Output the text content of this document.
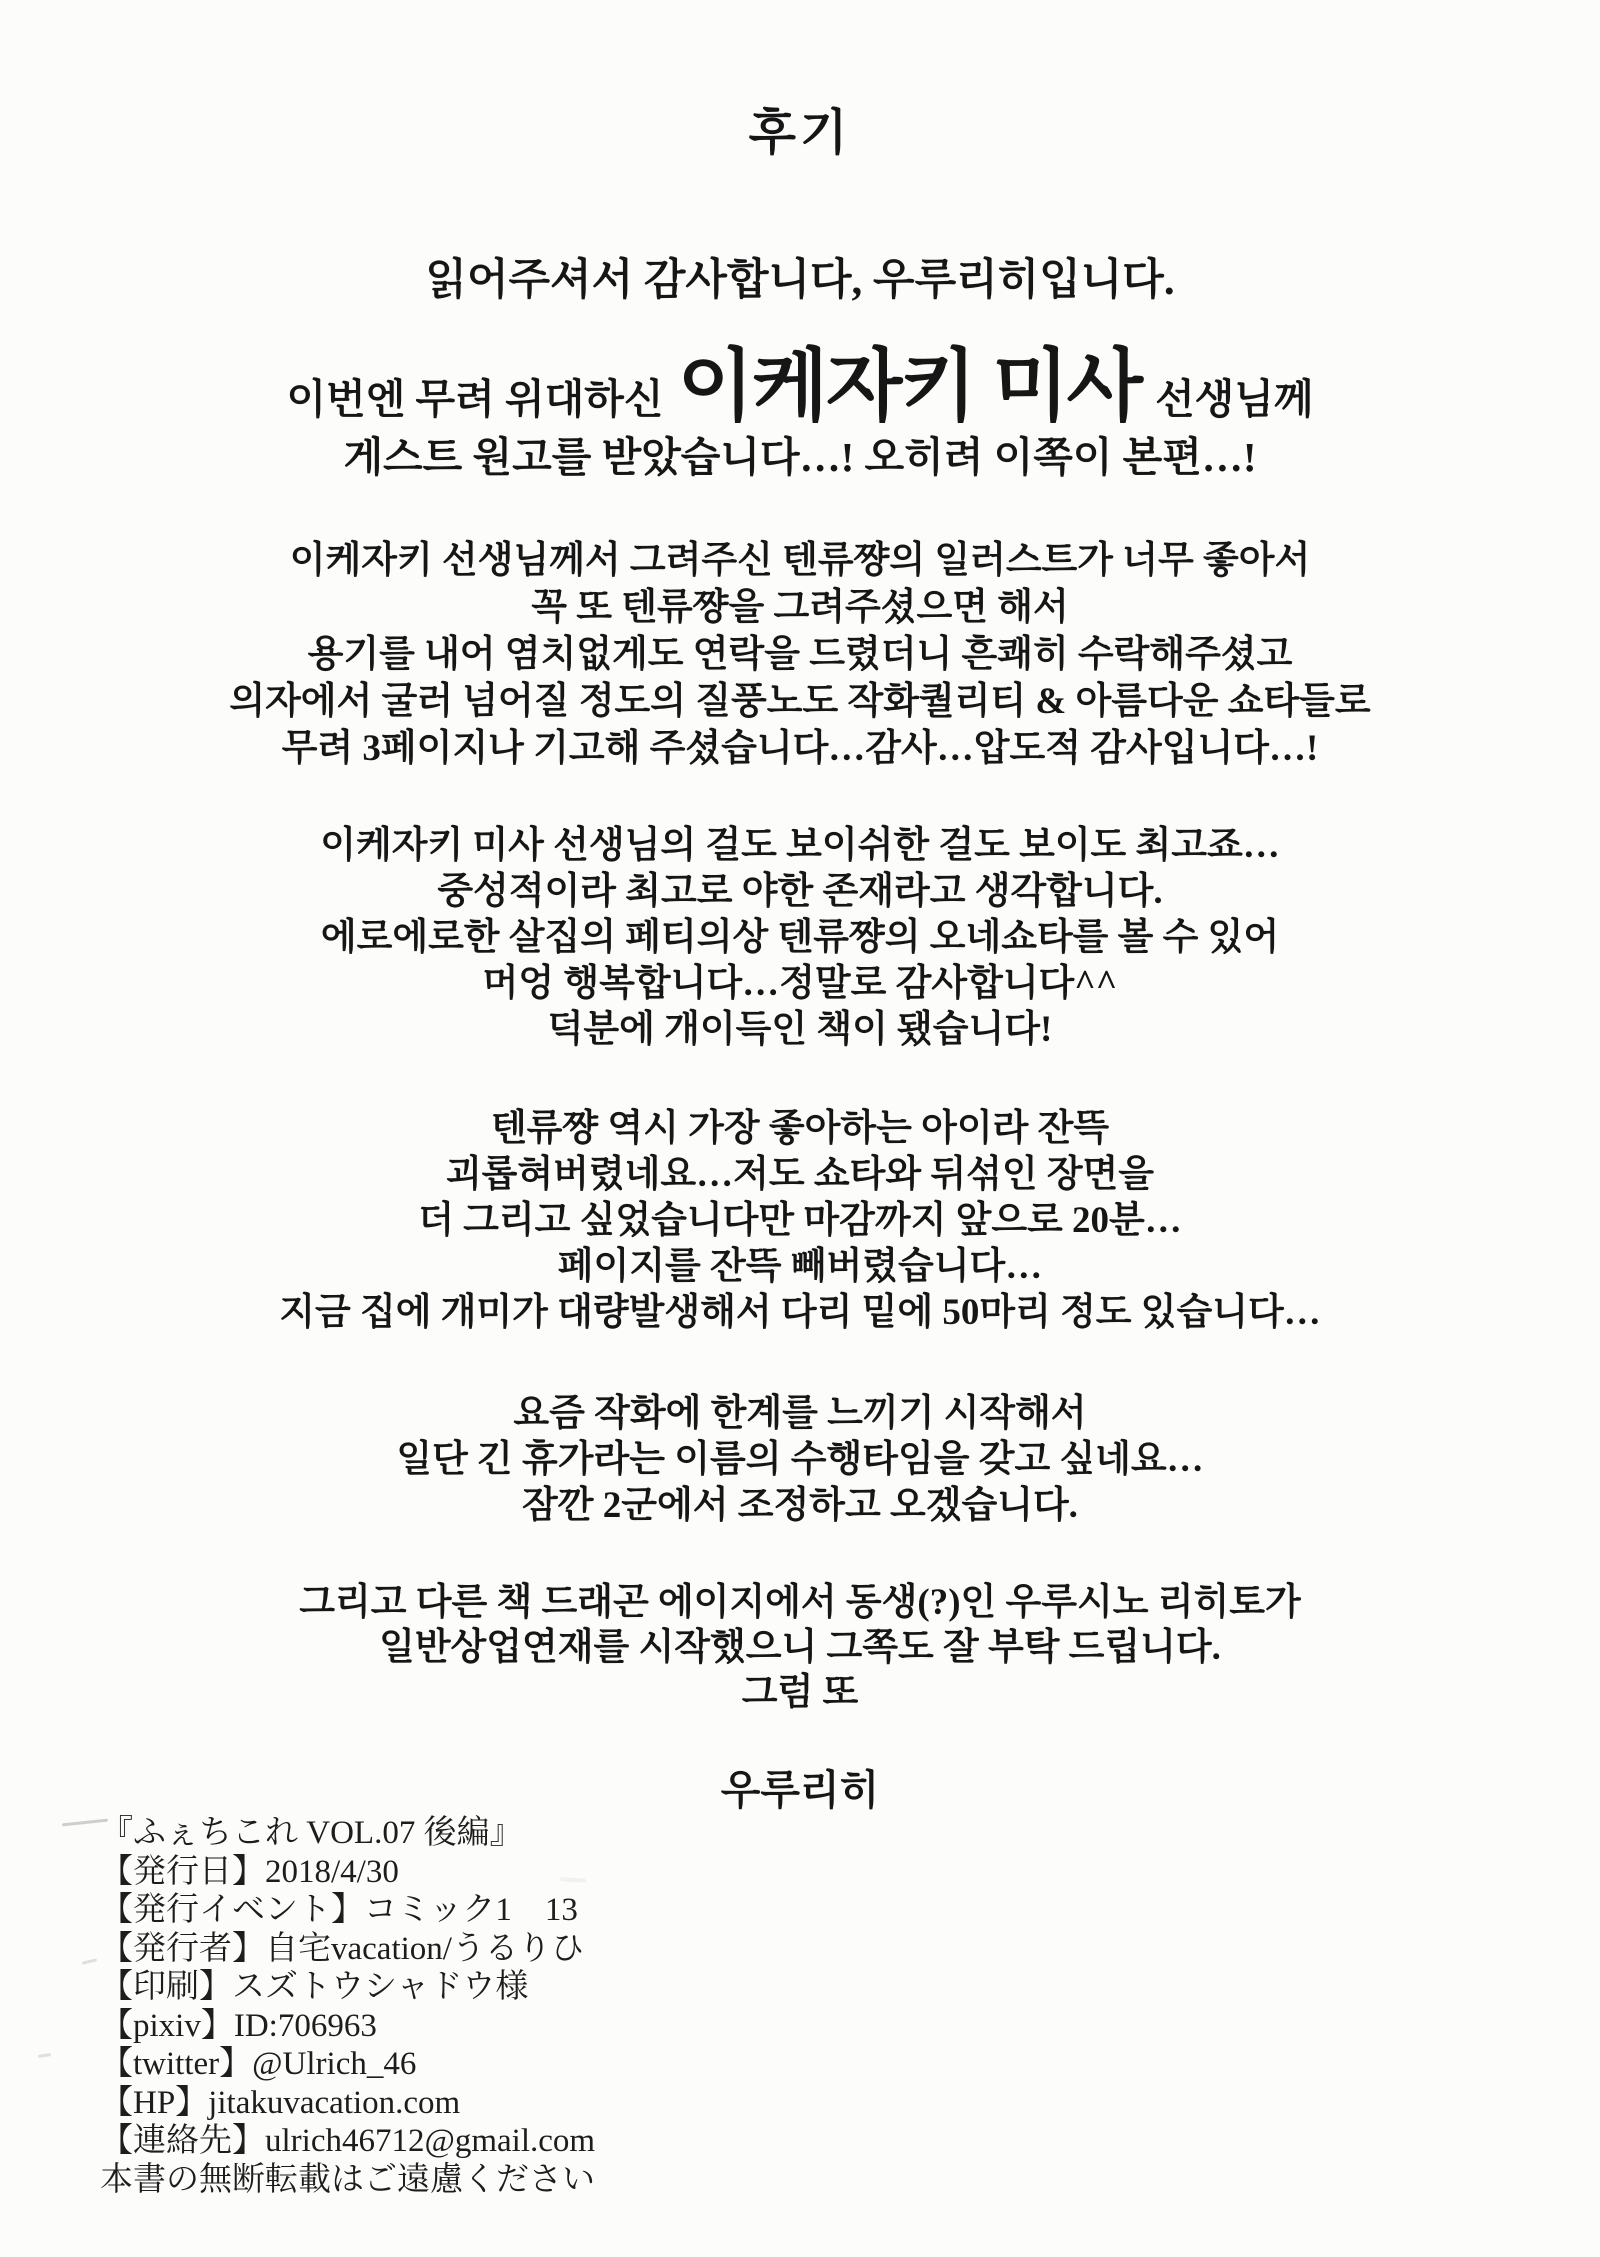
후기
읽어주셔서 감사합니다, 우루리히입니다.
이번엔 무려 위대하신 이케자키 미사 선생님께
게스트 원고를 받았습니다…! 오히려 이쪽이 본편…!
이케자키 선생님께서 그려주신 텐류쨩의 일러스트가 너무 좋아서
꼭 또 텐류쨩을 그려주셨으면 해서
용기를 내어 염치없게도 연락을 드렸더니 흔쾌히 수락해주셨고
의자에서 굴러 넘어질 정도의 질풍노도 작화퀄리티 & 아름다운 쇼타들로
무려 3페이지나 기고해 주셨습니다…감사…압도적 감사입니다…!
이케자키 미사 선생님의 걸도 보이쉬한 걸도 보이도 최고죠…
중성적이라 최고로 야한 존재라고 생각합니다.
에로에로한 살집의 페티의상 텐류쨩의 오네쇼타를 볼 수 있어
머엉 행복합니다…정말로 감사합니다^^
덕분에 개이득인 책이 됐습니다!
텐류쨩 역시 가장 좋아하는 아이라 잔뜩
괴롭혀버렸네요…저도 쇼타와 뒤섞인 장면을
더 그리고 싶었습니다만 마감까지 앞으로 20분…
페이지를 잔뜩 빼버렸습니다…
지금 집에 개미가 대량발생해서 다리 밑에 50마리 정도 있습니다…
요즘 작화에 한계를 느끼기 시작해서
일단 긴 휴가라는 이름의 수행타임을 갖고 싶네요…
잠깐 2군에서 조정하고 오겠습니다.
그리고 다른 책 드래곤 에이지에서 동생(?)인 우루시노 리히토가
일반상업연재를 시작했으니 그쪽도 잘 부탁 드립니다.
그럼 또
우루리히
『ふぇちこれ VOL.07 後編』
【発行日】2018/4/30
【発行イベント】コミック1　13
【発行者】自宅vacation/うるりひ
【印刷】スズトウシャドウ様
【pixiv】ID:706963
【twitter】@Ulrich_46
【HP】jitakuvacation.com
【連絡先】ulrich46712@gmail.com
本書の無断転載はご遠慮ください
